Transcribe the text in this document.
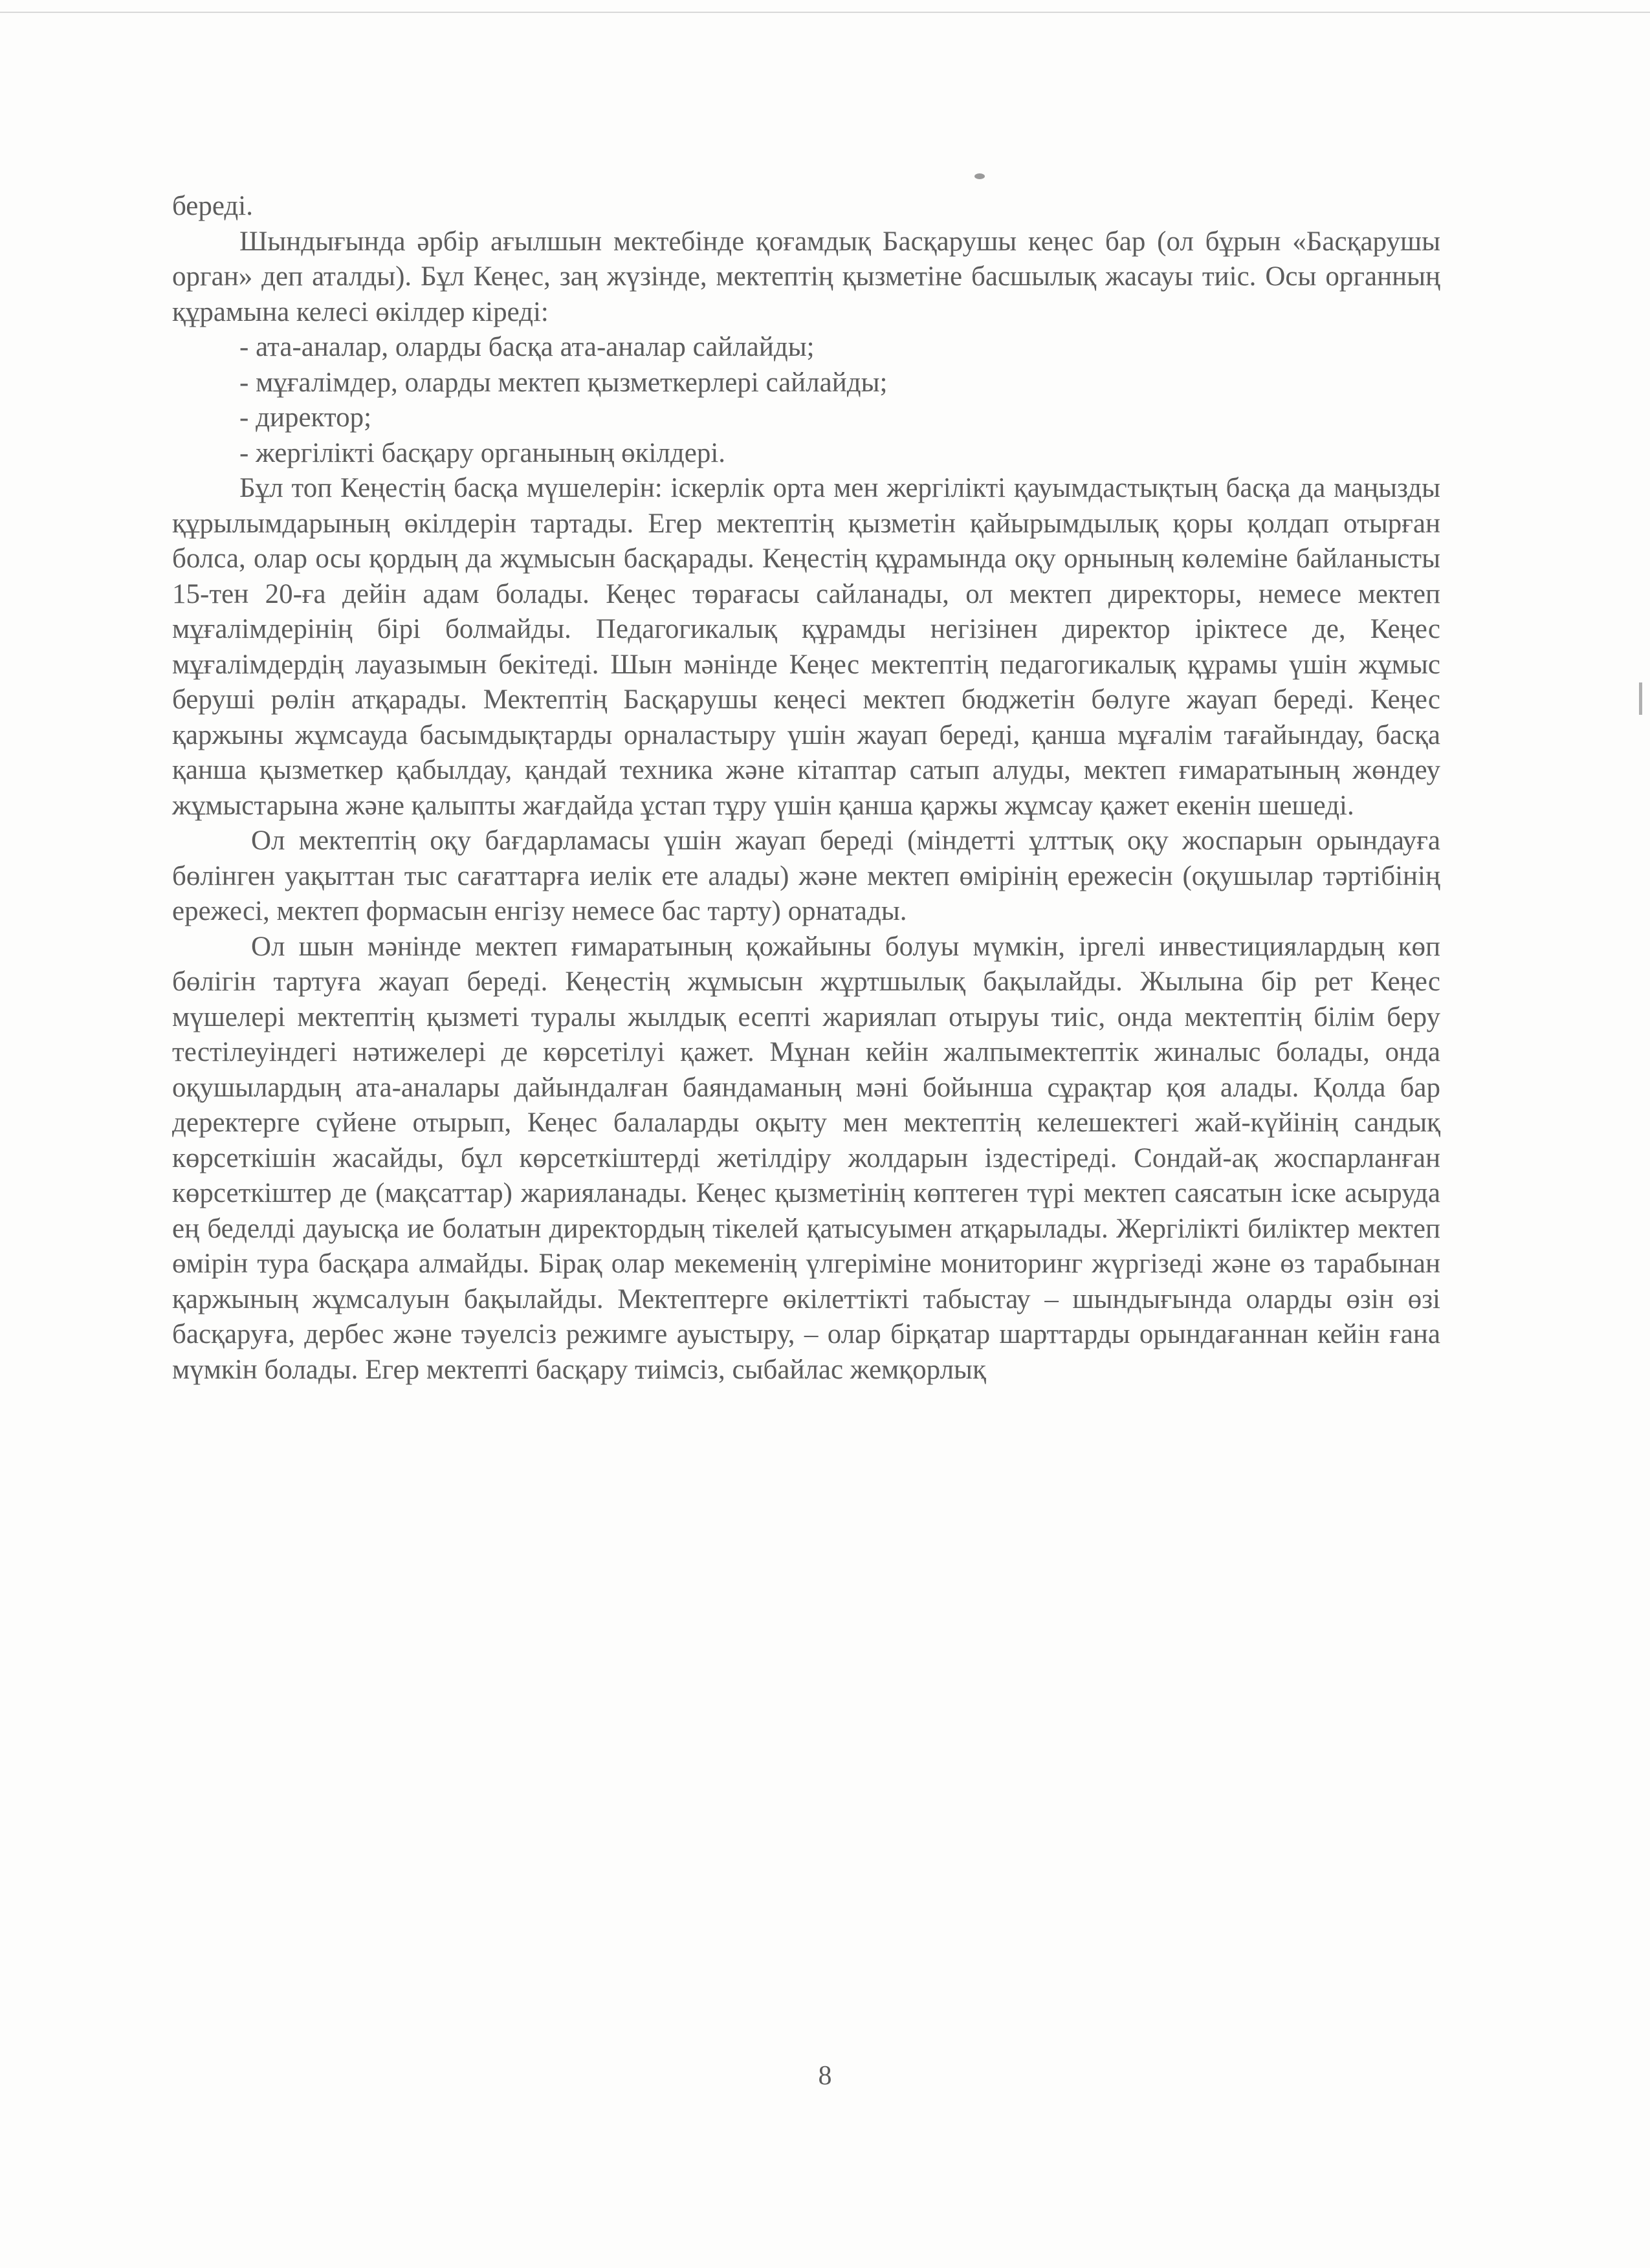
береді.

Шындығында әрбір ағылшын мектебінде қоғамдық Басқарушы кеңес бар (ол бұрын «Басқарушы орган» деп аталды). Бұл Кеңес, заң жүзінде, мектептің қызметіне басшылық жасауы тиіс. Осы органның құрамына келесі өкілдер кіреді:

- ата-аналар, оларды басқа ата-аналар сайлайды;

- мұғалімдер, оларды мектеп қызметкерлері сайлайды;

- директор;

- жергілікті басқару органының өкілдері.

Бұл топ Кеңестің басқа мүшелерін: іскерлік орта мен жергілікті қауымдастықтың басқа да маңызды құрылымдарының өкілдерін тартады. Егер мектептің қызметін қайырымдылық қоры қолдап отырған болса, олар осы қордың да жұмысын басқарады. Кеңестің құрамында оқу орнының көлеміне байланысты 15-тен 20-ға дейін адам болады. Кеңес төрағасы сайланады, ол мектеп директоры, немесе мектеп мұғалімдерінің бірі болмайды. Педагогикалық құрамды негізінен директор іріктесе де, Кеңес мұғалімдердің лауазымын бекітеді. Шын мәнінде Кеңес мектептің педагогикалық құрамы үшін жұмыс беруші рөлін атқарады. Мектептің Басқарушы кеңесі мектеп бюджетін бөлуге жауап береді. Кеңес қаржыны жұмсауда басымдықтарды орналастыру үшін жауап береді, қанша мұғалім тағайындау, басқа қанша қызметкер қабылдау, қандай техника және кітаптар сатып алуды, мектеп ғимаратының жөндеу жұмыстарына және қалыпты жағдайда ұстап тұру үшін қанша қаржы жұмсау қажет екенін шешеді.

Ол мектептің оқу бағдарламасы үшін жауап береді (міндетті ұлттық оқу жоспарын орындауға бөлінген уақыттан тыс сағаттарға иелік ете алады) және мектеп өмірінің ережесін (оқушылар тәртібінің ережесі, мектеп формасын енгізу немесе бас тарту) орнатады.

Ол шын мәнінде мектеп ғимаратының қожайыны болуы мүмкін, іргелі инвестициялардың көп бөлігін тартуға жауап береді. Кеңестің жұмысын жұртшылық бақылайды. Жылына бір рет Кеңес мүшелері мектептің қызметі туралы жылдық есепті жариялап отыруы тиіс, онда мектептің білім беру тестілеуіндегі нәтижелері де көрсетілуі қажет. Мұнан кейін жалпымектептік жиналыс болады, онда оқушылардың ата-аналары дайындалған баяндаманың мәні бойынша сұрақтар қоя алады. Қолда бар деректерге сүйене отырып, Кеңес балаларды оқыту мен мектептің келешектегі жай-күйінің сандық көрсеткішін жасайды, бұл көрсеткіштерді жетілдіру жолдарын іздестіреді. Сондай-ақ жоспарланған көрсеткіштер де (мақсаттар) жарияланады. Кеңес қызметінің көптеген түрі мектеп саясатын іске асыруда ең беделді дауысқа ие болатын директордың тікелей қатысуымен атқарылады. Жергілікті биліктер мектеп өмірін тура басқара алмайды. Бірақ олар мекеменің үлгеріміне мониторинг жүргізеді және өз тарабынан қаржының жұмсалуын бақылайды. Мектептерге өкілеттікті табыстау – шындығында оларды өзін өзі басқаруға, дербес және тәуелсіз режимге ауыстыру, – олар бірқатар шарттарды орындағаннан кейін ғана мүмкін болады. Егер мектепті басқару тиімсіз, сыбайлас жемқорлық

8
